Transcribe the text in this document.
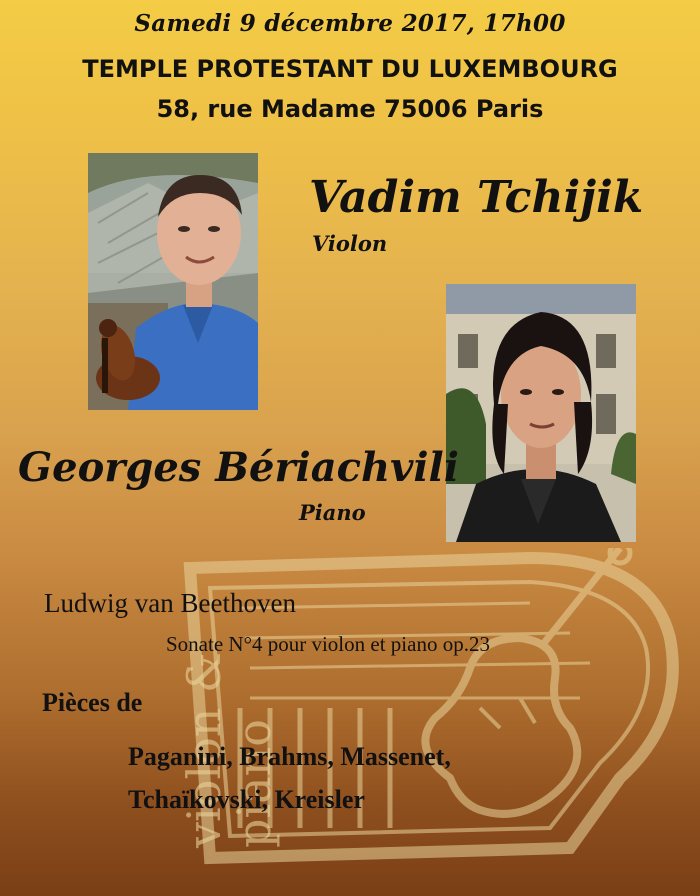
Samedi 9 décembre 2017, 17h00

TEMPLE PROTESTANT DU LUXEMBOURG

58, rue Madame 75006 Paris

Vadim Tchijik
Violon
Georges Bériachvili
Piano
violon &
piano
Ludwig van Beethoven
Sonate N°4 pour violon et piano op.23
Pièces de
Paganini, Brahms, Massenet,
Tchaïkovski, Kreisler
